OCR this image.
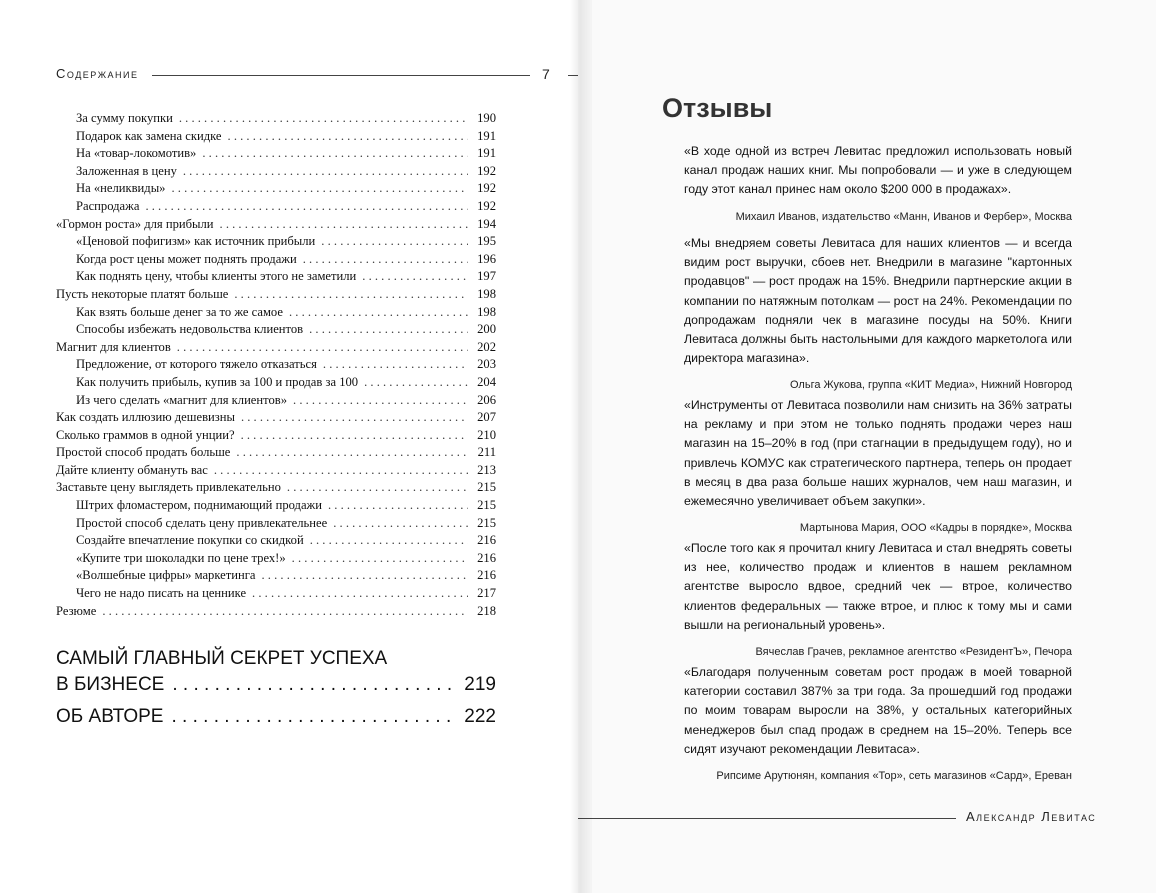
Содержание	7
За сумму покупки . . .	190
Подарок как замена скидке . . .	191
На «товар-локомотив» . . .	191
Заложенная в цену . . .	192
На «неликвиды» . . .	192
Распродажа . . .	192
«Гормон роста» для прибыли . . .	194
«Ценовой пофигизм» как источник прибыли . . .	195
Когда рост цены может поднять продажи . . .	196
Как поднять цену, чтобы клиенты этого не заметили . . .	197
Пусть некоторые платят больше . . .	198
Как взять больше денег за то же самое . . .	198
Способы избежать недовольства клиентов . . .	200
Магнит для клиентов . . .	202
Предложение, от которого тяжело отказаться . . .	203
Как получить прибыль, купив за 100 и продав за 100 . . .	204
Из чего сделать «магнит для клиентов» . . .	206
Как создать иллюзию дешевизны . . .	207
Сколько граммов в одной унции? . . .	210
Простой способ продать больше . . .	211
Дайте клиенту обмануть вас . . .	213
Заставьте цену выглядеть привлекательно . . .	215
Штрих фломастером, поднимающий продажи . . .	215
Простой способ сделать цену привлекательнее . . .	215
Создайте впечатление покупки со скидкой . . .	216
«Купите три шоколадки по цене трех!» . . .	216
«Волшебные цифры» маркетинга . . .	216
Чего не надо писать на ценнике . . .	217
Резюме . . .	218
САМЫЙ ГЛАВНЫЙ СЕКРЕТ УСПЕХА
В БИЗНЕСЕ . . .	219
ОБ АВТОРЕ . . .	222
Отзывы
«В ходе одной из встреч Левитас предложил использовать новый канал продаж наших книг. Мы попробовали — и уже в следующем году этот канал принес нам около $200 000 в продажах».
Михаил Иванов, издательство «Манн, Иванов и Фербер», Москва
«Мы внедряем советы Левитаса для наших клиентов — и всегда видим рост выручки, сбоев нет. Внедрили в магазине "картонных продавцов" — рост продаж на 15%. Внедрили партнерские акции в компании по натяжным потолкам — рост на 24%. Рекомендации по допродажам подняли чек в магазине посуды на 50%. Книги Левитаса должны быть настольными для каждого маркетолога или директора магазина».
Ольга Жукова, группа «КИТ Медиа», Нижний Новгород
«Инструменты от Левитаса позволили нам снизить на 36% затраты на рекламу и при этом не только поднять продажи через наш магазин на 15–20% в год (при стагнации в предыдущем году), но и привлечь КОМУС как стратегического партнера, теперь он продает в месяц в два раза больше наших журналов, чем наш магазин, и ежемесячно увеличивает объем закупки».
Мартынова Мария, ООО «Кадры в порядке», Москва
«После того как я прочитал книгу Левитаса и стал внедрять советы из нее, количество продаж и клиентов в нашем рекламном агентстве выросло вдвое, средний чек — втрое, количество клиентов федеральных — также втрое, и плюс к тому мы и сами вышли на региональный уровень».
Вячеслав Грачев, рекламное агентство «РезидентЪ», Печора
«Благодаря полученным советам рост продаж в моей товарной категории составил 387% за три года. За прошедший год продажи по моим товарам выросли на 38%, у остальных категорийных менеджеров был спад продаж в среднем на 15–20%. Теперь все сидят изучают рекомендации Левитаса».
Рипсиме Арутюнян, компания «Тор», сеть магазинов «Сард», Ереван
Александр Левитас
